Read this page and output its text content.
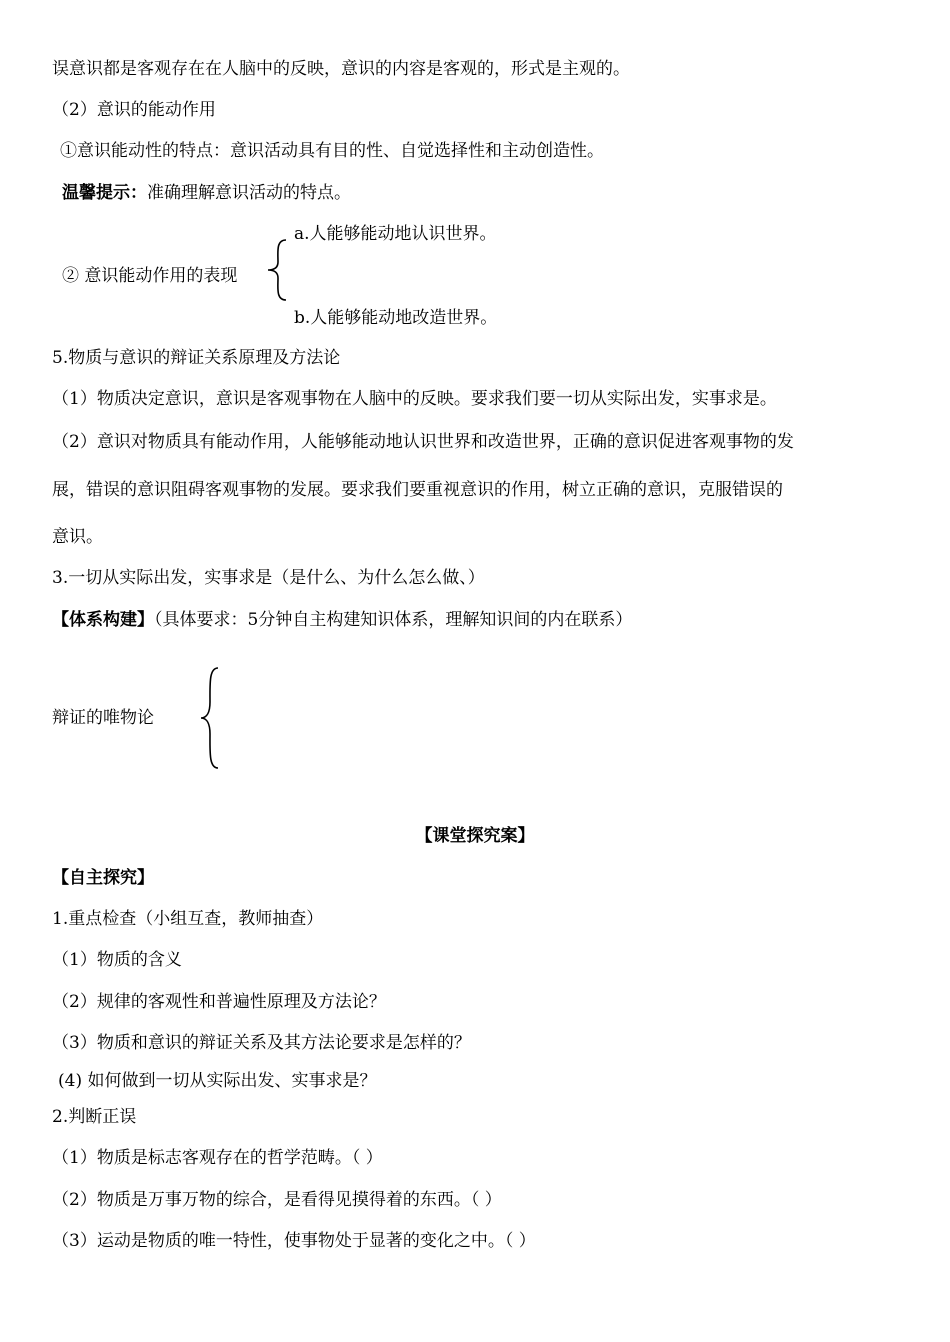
误意识都是客观存在在人脑中的反映，意识的内容是客观的，形式是主观的。
（2）意识的能动作用
①意识能动性的特点：意识活动具有目的性、自觉选择性和主动创造性。
温馨提示：准确理解意识活动的特点。
a.人能够能动地认识世界。
② 意识能动作用的表现
b.人能够能动地改造世界。
5.物质与意识的辩证关系原理及方法论
（1）物质决定意识，意识是客观事物在人脑中的反映。要求我们要一切从实际出发，实事求是。
（2）意识对物质具有能动作用，人能够能动地认识世界和改造世界，正确的意识促进客观事物的发
展，错误的意识阻碍客观事物的发展。要求我们要重视意识的作用，树立正确的意识，克服错误的
意识。
3.一切从实际出发，实事求是（是什么、为什么怎么做、）
【体系构建】（具体要求：5分钟自主构建知识体系，理解知识间的内在联系）
辩证的唯物论
【课堂探究案】
【自主探究】
1.重点检查（小组互查，教师抽查）
（1）物质的含义
（2）规律的客观性和普遍性原理及方法论？
（3）物质和意识的辩证关系及其方法论要求是怎样的？
(4) 如何做到一切从实际出发、实事求是？
2.判断正误
（1）物质是标志客观存在的哲学范畴。（ ）
（2）物质是万事万物的综合，是看得见摸得着的东西。（ ）
（3）运动是物质的唯一特性，使事物处于显著的变化之中。（ ）
